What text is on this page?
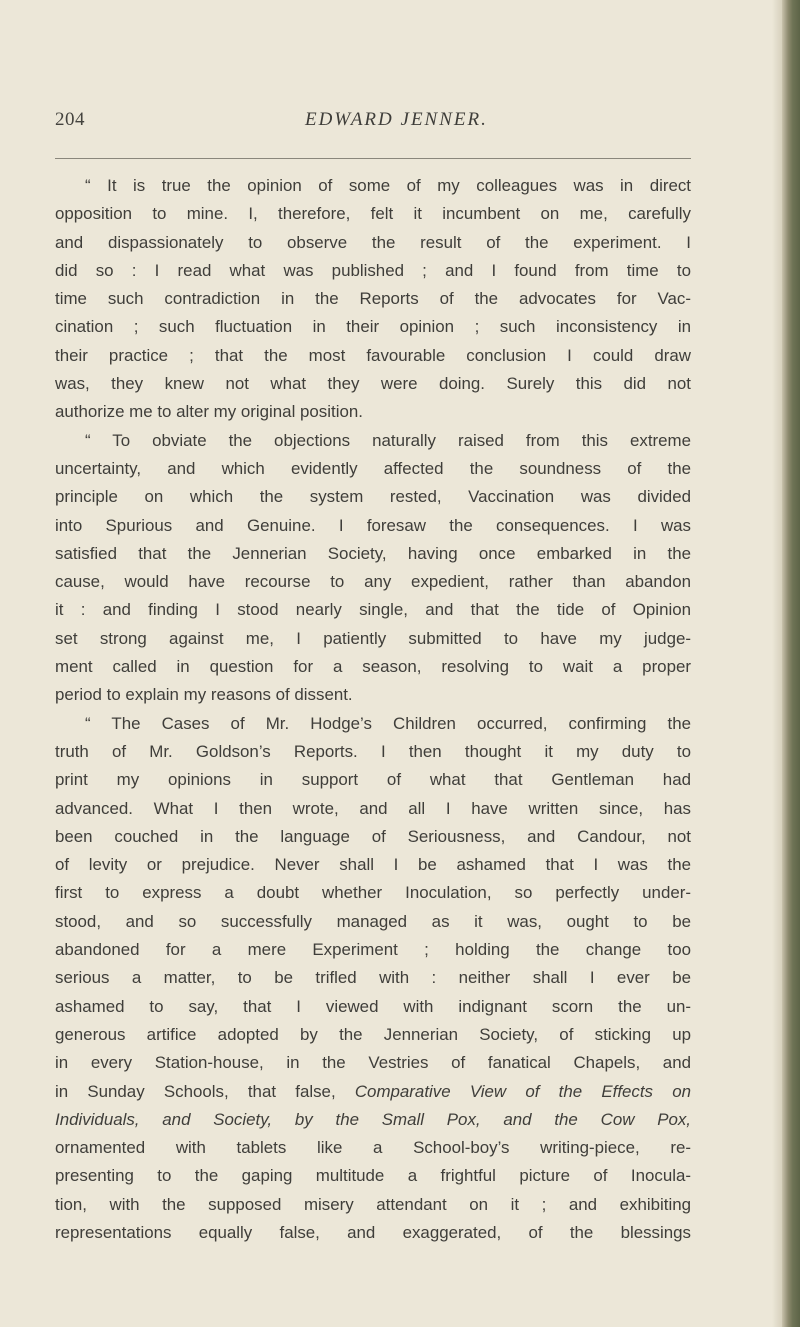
204	EDWARD JENNER.
“ It is true the opinion of some of my colleagues was in direct
opposition to mine. I, therefore, felt it incumbent on me, carefully
and dispassionately to observe the result of the experiment. I
did so : I read what was published ; and I found from time to
time such contradiction in the Reports of the advocates for Vac-
cination ; such fluctuation in their opinion ; such inconsistency in
their practice ; that the most favourable conclusion I could draw
was, they knew not what they were doing. Surely this did not
authorize me to alter my original position.
“ To obviate the objections naturally raised from this extreme
uncertainty, and which evidently affected the soundness of the
principle on which the system rested, Vaccination was divided
into Spurious and Genuine. I foresaw the consequences. I was
satisfied that the Jennerian Society, having once embarked in the
cause, would have recourse to any expedient, rather than abandon
it : and finding I stood nearly single, and that the tide of Opinion
set strong against me, I patiently submitted to have my judge-
ment called in question for a season, resolving to wait a proper
period to explain my reasons of dissent.
“ The Cases of Mr. Hodge’s Children occurred, confirming the
truth of Mr. Goldson’s Reports. I then thought it my duty to
print my opinions in support of what that Gentleman had
advanced. What I then wrote, and all I have written since, has
been couched in the language of Seriousness, and Candour, not
of levity or prejudice. Never shall I be ashamed that I was the
first to express a doubt whether Inoculation, so perfectly under-
stood, and so successfully managed as it was, ought to be
abandoned for a mere Experiment ; holding the change too
serious a matter, to be trifled with : neither shall I ever be
ashamed to say, that I viewed with indignant scorn the un-
generous artifice adopted by the Jennerian Society, of sticking up
in every Station-house, in the Vestries of fanatical Chapels, and
in Sunday Schools, that false, Comparative View of the Effects on
Individuals, and Society, by the Small Pox, and the Cow Pox,
ornamented with tablets like a School-boy’s writing-piece, re-
presenting to the gaping multitude a frightful picture of Inocula-
tion, with the supposed misery attendant on it ; and exhibiting
representations equally false, and exaggerated, of the blessings
